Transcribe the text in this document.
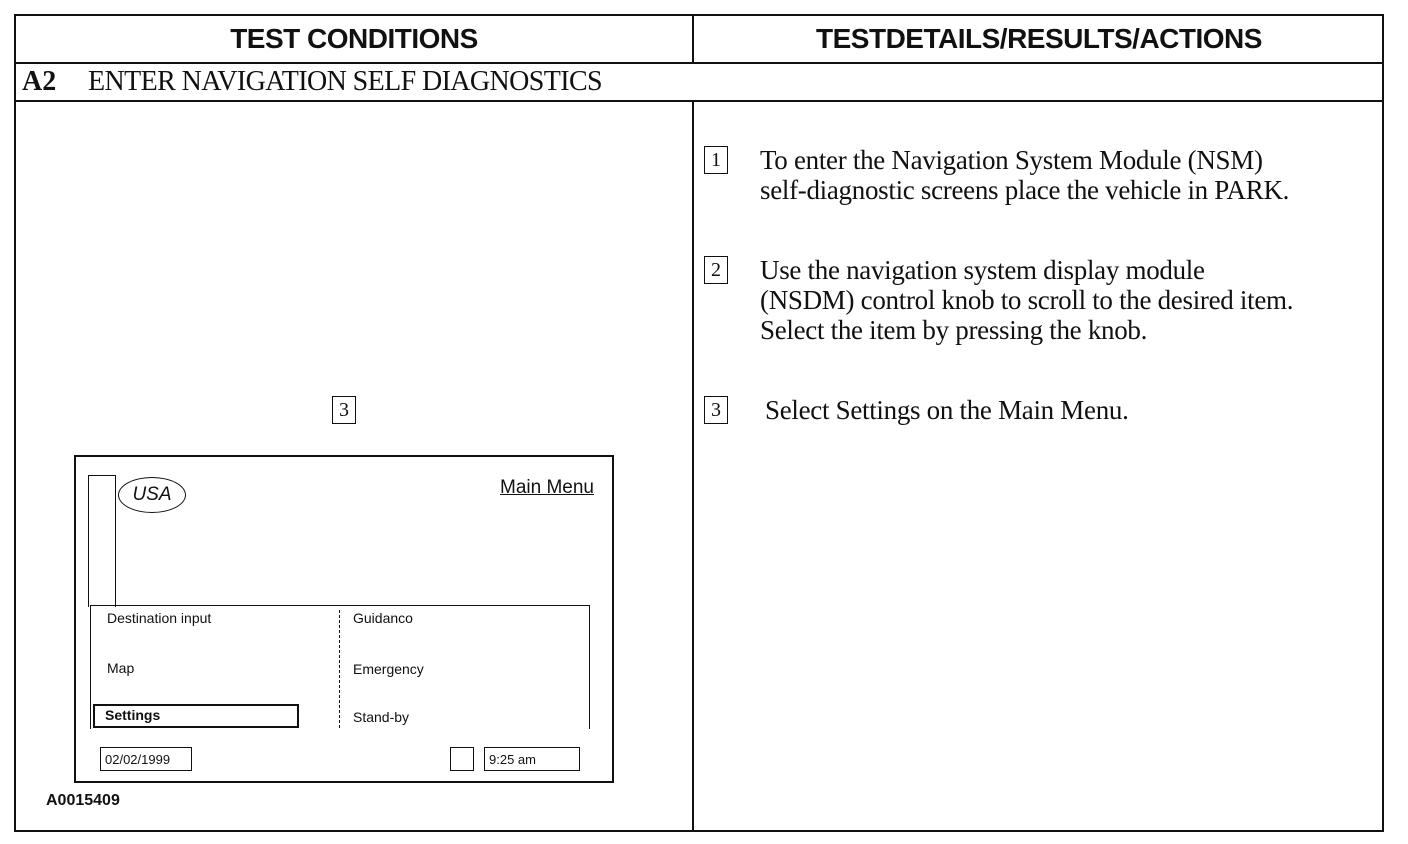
TEST CONDITIONS	TESTDETAILS/RESULTS/ACTIONS
A2	ENTER NAVIGATION SELF DIAGNOSTICS
1 To enter the Navigation System Module (NSM)
self-diagnostic screens place the vehicle in PARK.
2 Use the navigation system display module
(NSDM) control knob to scroll to the desired item.
Select the item by pressing the knob.
3 Select Settings on the Main Menu.
3
USA	Main Menu
Destination input
Map
Settings
Guidanco
Emergency
Stand-by
02/02/1999	9:25 am
A0015409
